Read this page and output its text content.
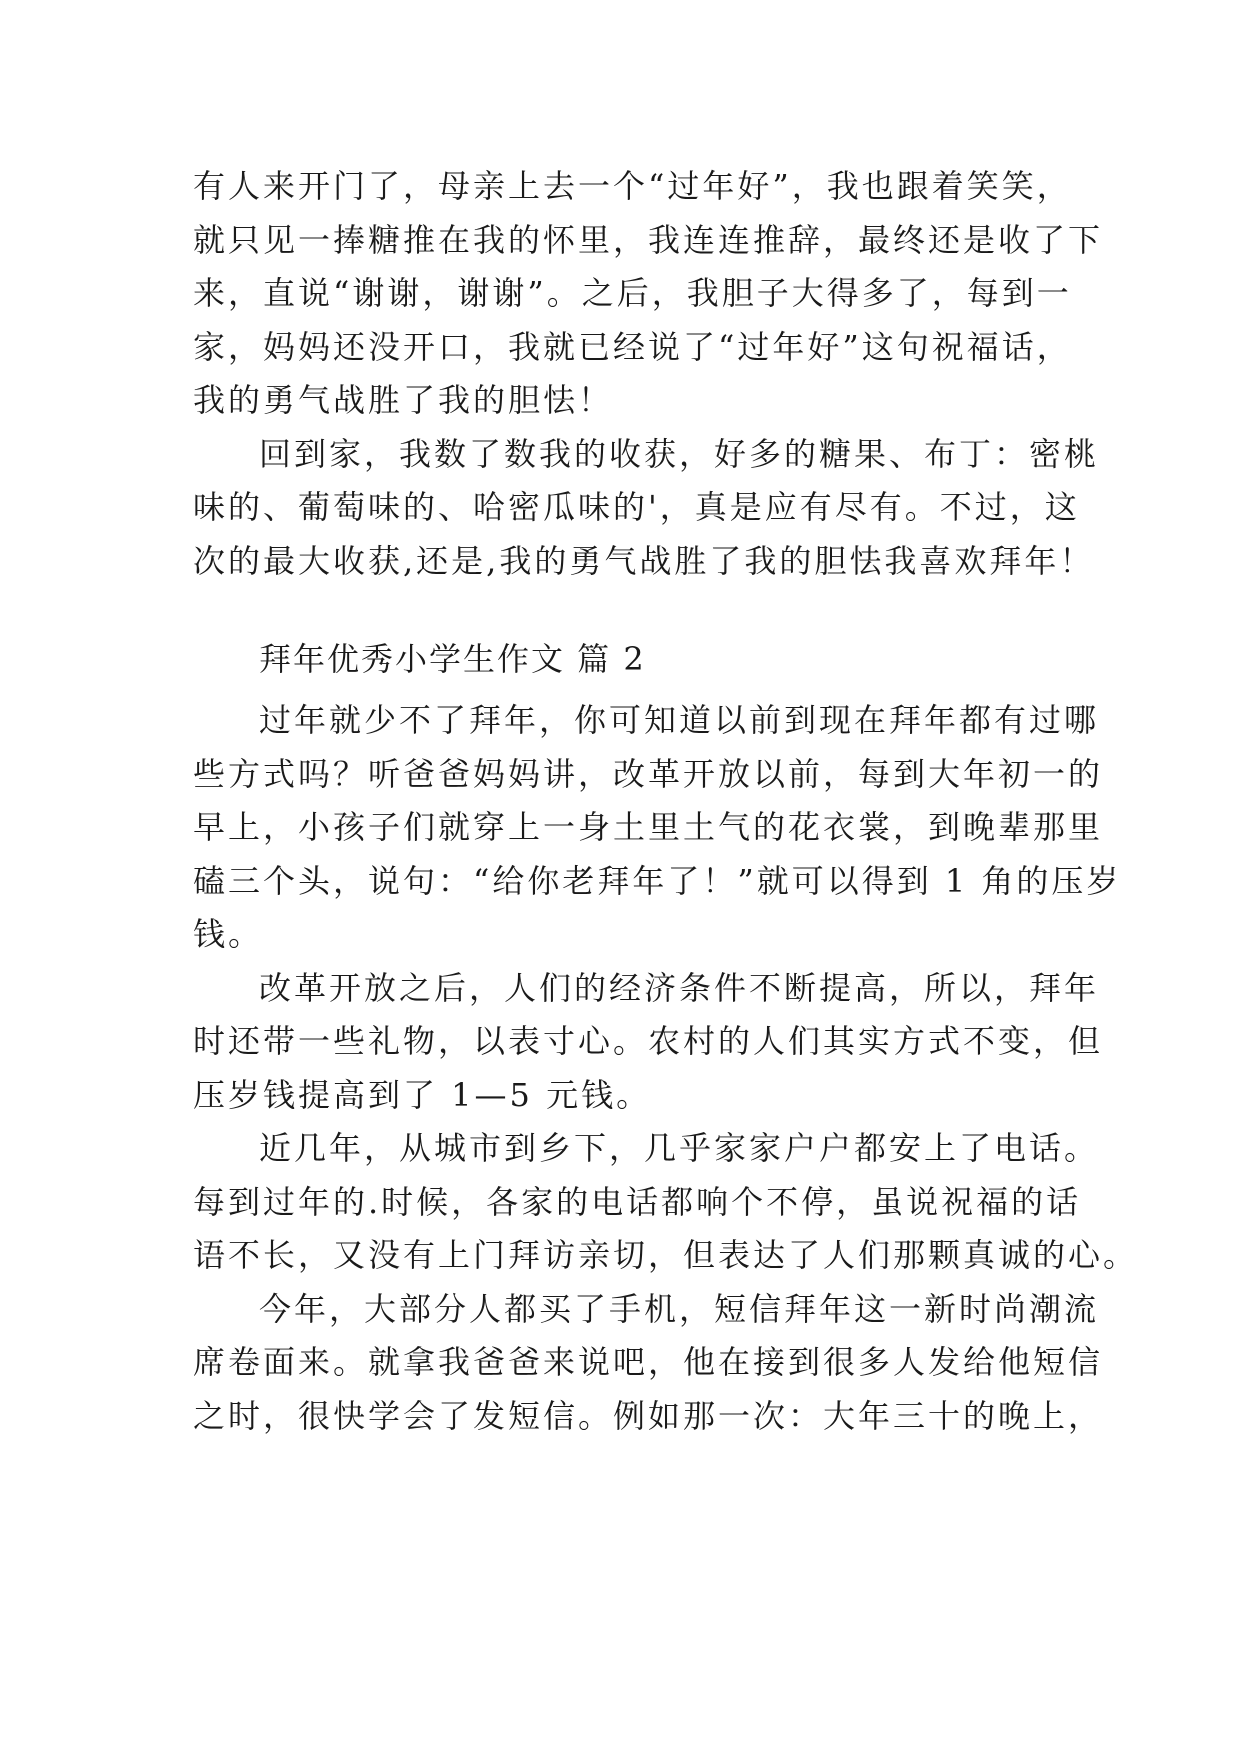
有人来开门了，母亲上去一个“过年好”，我也跟着笑笑，
就只见一捧糖推在我的怀里，我连连推辞，最终还是收了下
来，直说“谢谢，谢谢”。之后，我胆子大得多了，每到一
家，妈妈还没开口，我就已经说了“过年好”这句祝福话，
我的勇气战胜了我的胆怯！
回到家，我数了数我的收获，好多的糖果、布丁：密桃
味的、葡萄味的、哈密瓜味的'，真是应有尽有。不过，这
次的最大收获,还是,我的勇气战胜了我的胆怯我喜欢拜年！
拜年优秀小学生作文 篇 2
过年就少不了拜年，你可知道以前到现在拜年都有过哪
些方式吗？听爸爸妈妈讲，改革开放以前，每到大年初一的
早上，小孩子们就穿上一身土里土气的花衣裳，到晚辈那里
磕三个头，说句：“给你老拜年了！”就可以得到 1 角的压岁
钱。
改革开放之后，人们的经济条件不断提高，所以，拜年
时还带一些礼物，以表寸心。农村的人们其实方式不变，但
压岁钱提高到了 1—5 元钱。
近几年，从城市到乡下，几乎家家户户都安上了电话。
每到过年的.时候，各家的电话都响个不停，虽说祝福的话
语不长，又没有上门拜访亲切，但表达了人们那颗真诚的心。
今年，大部分人都买了手机，短信拜年这一新时尚潮流
席卷面来。就拿我爸爸来说吧，他在接到很多人发给他短信
之时，很快学会了发短信。例如那一次：大年三十的晚上，
